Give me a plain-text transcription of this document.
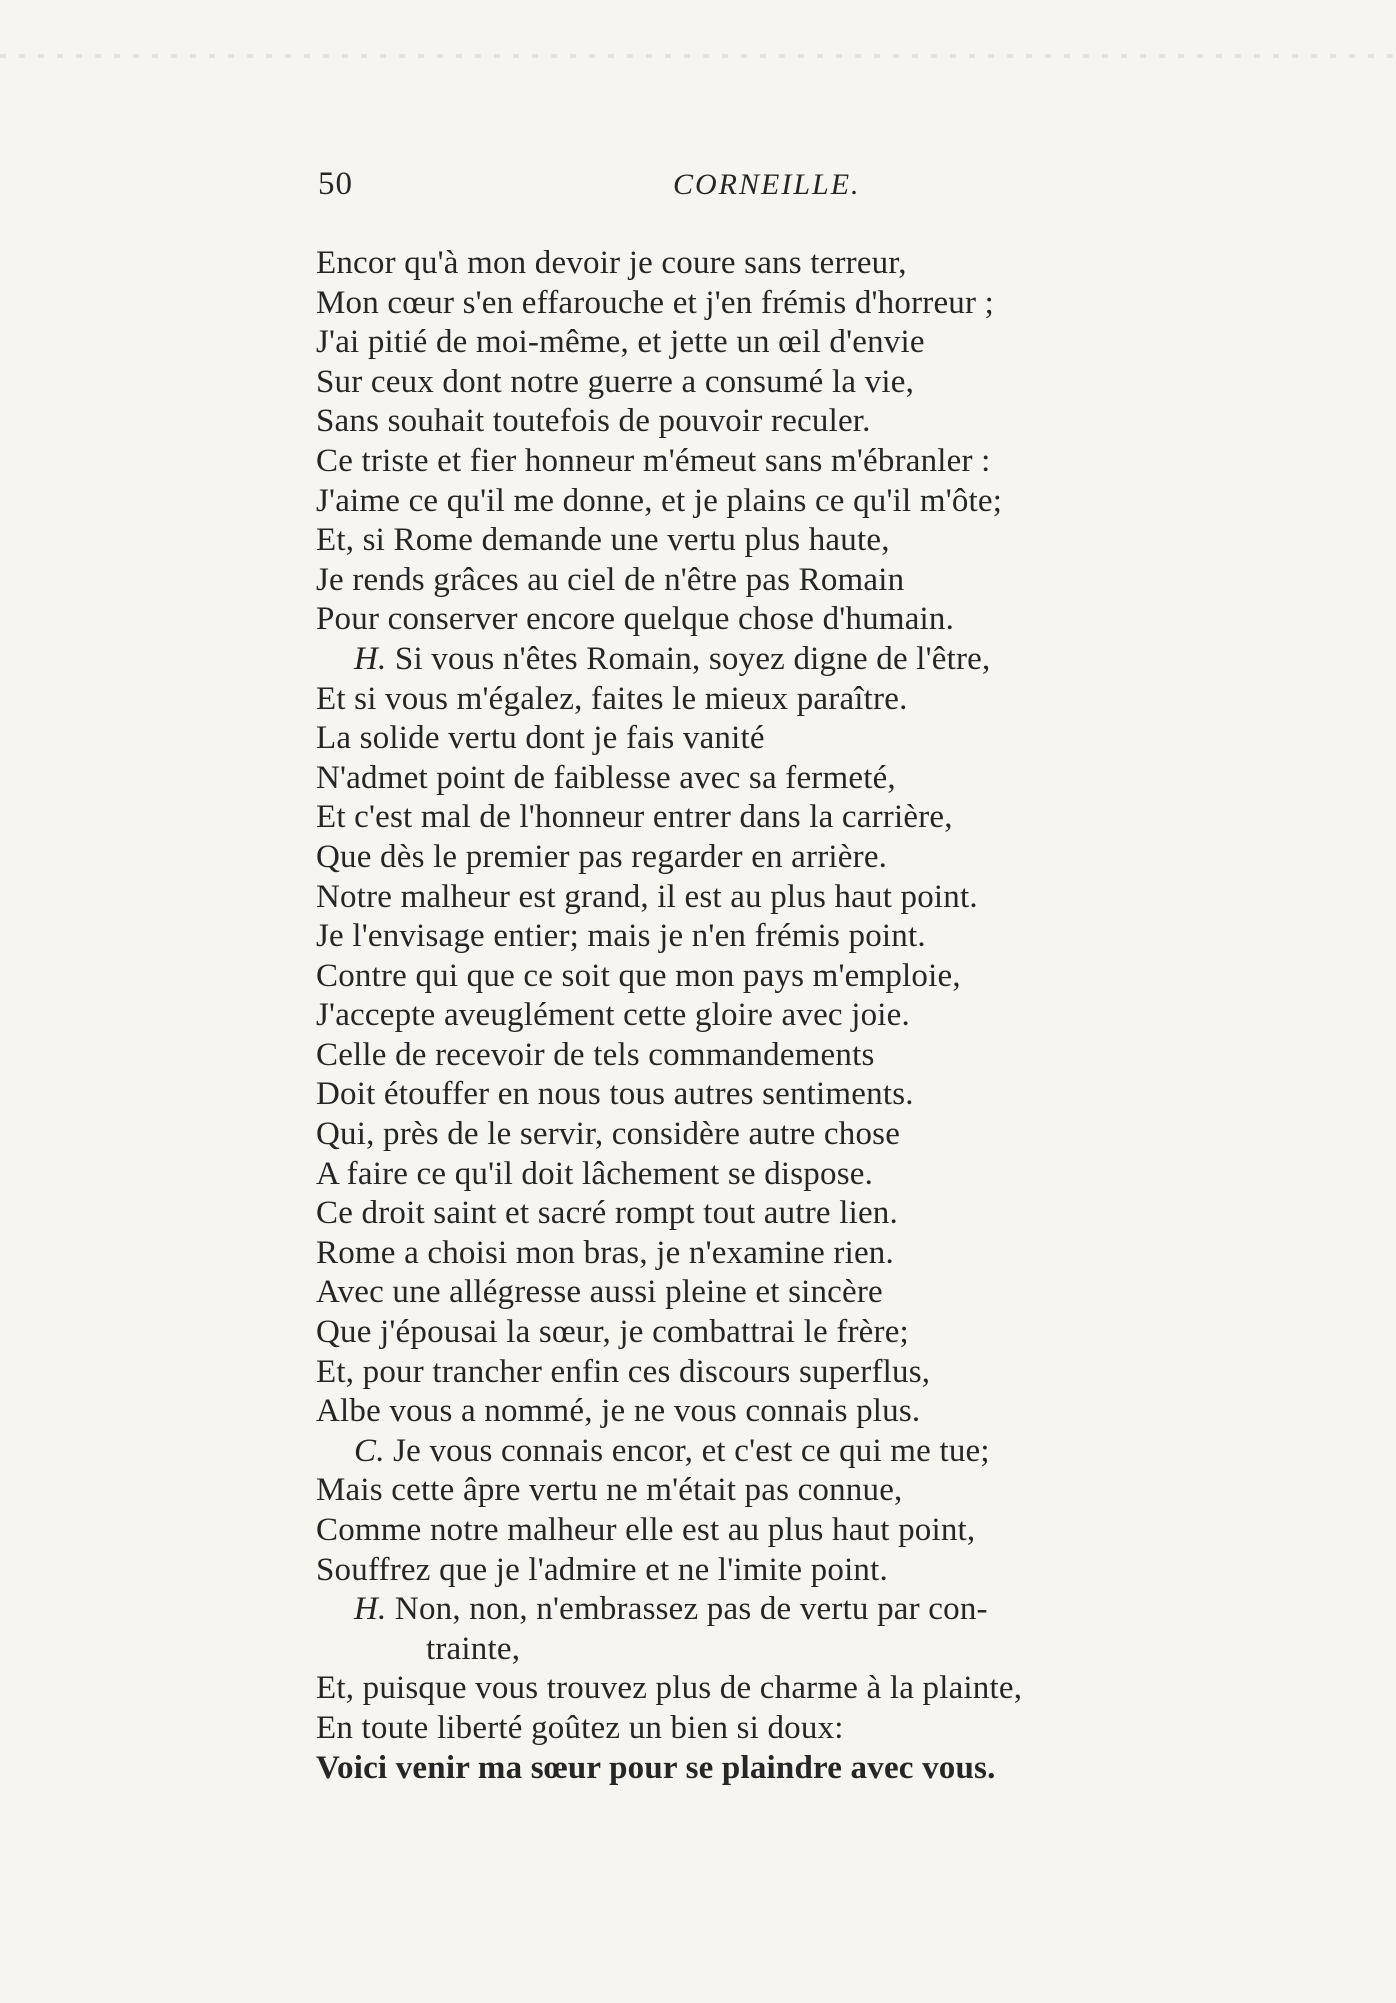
50	CORNEILLE.
Encor qu'à mon devoir je coure sans terreur,
Mon cœur s'en effarouche et j'en frémis d'horreur ;
J'ai pitié de moi-même, et jette un œil d'envie
Sur ceux dont notre guerre a consumé la vie,
Sans souhait toutefois de pouvoir reculer.
Ce triste et fier honneur m'émeut sans m'ébranler :
J'aime ce qu'il me donne, et je plains ce qu'il m'ôte;
Et, si Rome demande une vertu plus haute,
Je rends grâces au ciel de n'être pas Romain
Pour conserver encore quelque chose d'humain.
H. Si vous n'êtes Romain, soyez digne de l'être,
Et si vous m'égalez, faites le mieux paraître.
La solide vertu dont je fais vanité
N'admet point de faiblesse avec sa fermeté,
Et c'est mal de l'honneur entrer dans la carrière,
Que dès le premier pas regarder en arrière.
Notre malheur est grand, il est au plus haut point.
Je l'envisage entier; mais je n'en frémis point.
Contre qui que ce soit que mon pays m'emploie,
J'accepte aveuglément cette gloire avec joie.
Celle de recevoir de tels commandements
Doit étouffer en nous tous autres sentiments.
Qui, près de le servir, considère autre chose
A faire ce qu'il doit lâchement se dispose.
Ce droit saint et sacré rompt tout autre lien.
Rome a choisi mon bras, je n'examine rien.
Avec une allégresse aussi pleine et sincère
Que j'épousai la sœur, je combattrai le frère;
Et, pour trancher enfin ces discours superflus,
Albe vous a nommé, je ne vous connais plus.
C. Je vous connais encor, et c'est ce qui me tue;
Mais cette âpre vertu ne m'était pas connue,
Comme notre malheur elle est au plus haut point,
Souffrez que je l'admire et ne l'imite point.
H. Non, non, n'embrassez pas de vertu par con-
trainte,
Et, puisque vous trouvez plus de charme à la plainte,
En toute liberté goûtez un bien si doux:
Voici venir ma sœur pour se plaindre avec vous.
